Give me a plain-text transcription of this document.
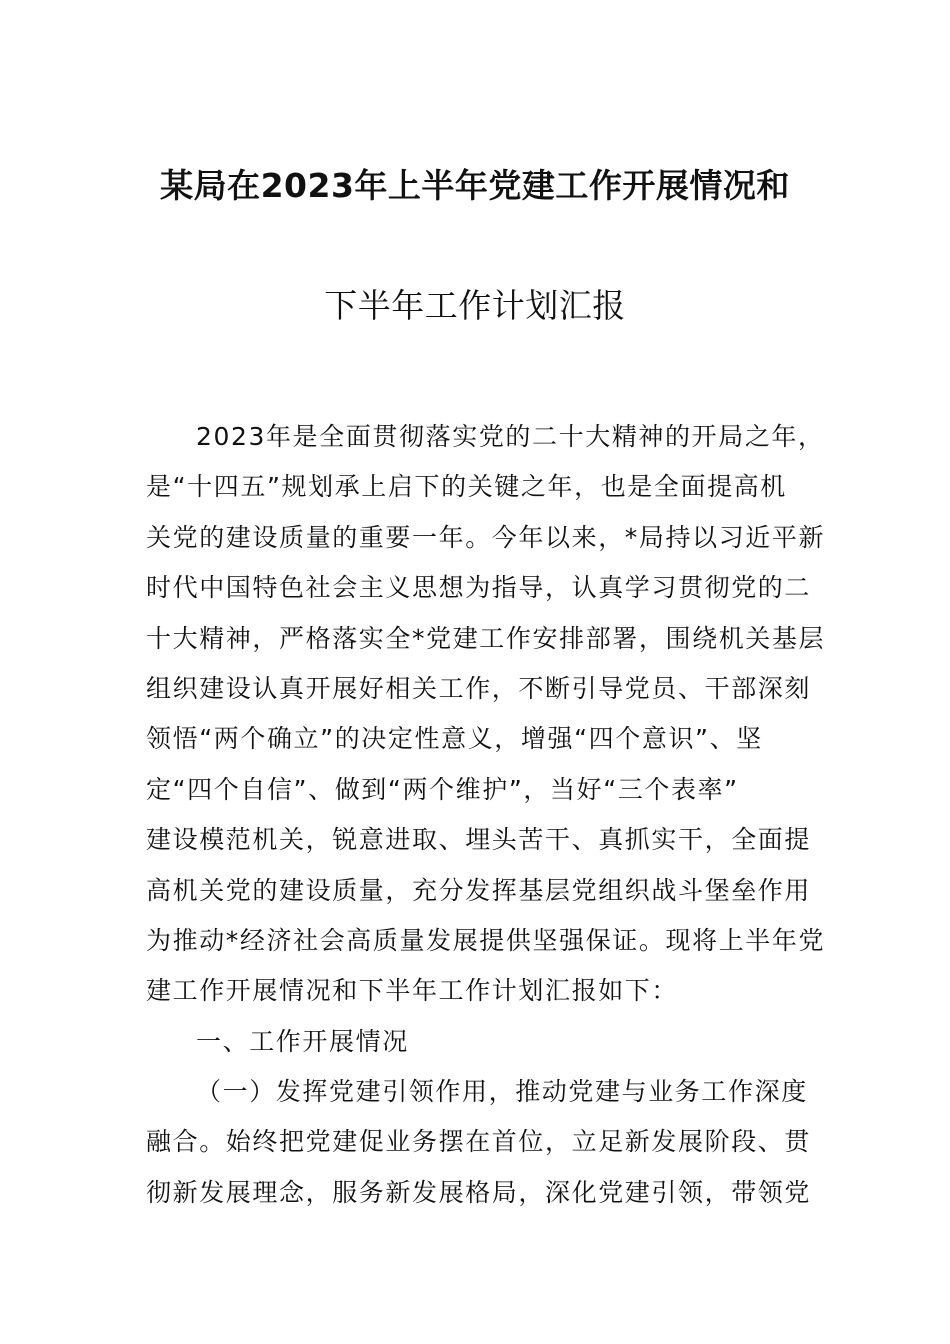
某局在2023年上半年党建工作开展情况和
下半年工作计划汇报
2023年是全面贯彻落实党的二十大精神的开局之年，
是“十四五”规划承上启下的关键之年，也是全面提高机
关党的建设质量的重要一年。今年以来，*局持以习近平新
时代中国特色社会主义思想为指导，认真学习贯彻党的二
十大精神，严格落实全*党建工作安排部署，围绕机关基层
组织建设认真开展好相关工作，不断引导党员、干部深刻
领悟“两个确立”的决定性意义，增强“四个意识”、坚
定“四个自信”、做到“两个维护”，当好“三个表率”
建设模范机关，锐意进取、埋头苦干、真抓实干，全面提
高机关党的建设质量，充分发挥基层党组织战斗堡垒作用
为推动*经济社会高质量发展提供坚强保证。现将上半年党
建工作开展情况和下半年工作计划汇报如下：
一、工作开展情况
（一）发挥党建引领作用，推动党建与业务工作深度
融合。始终把党建促业务摆在首位，立足新发展阶段、贯
彻新发展理念，服务新发展格局，深化党建引领，带领党
